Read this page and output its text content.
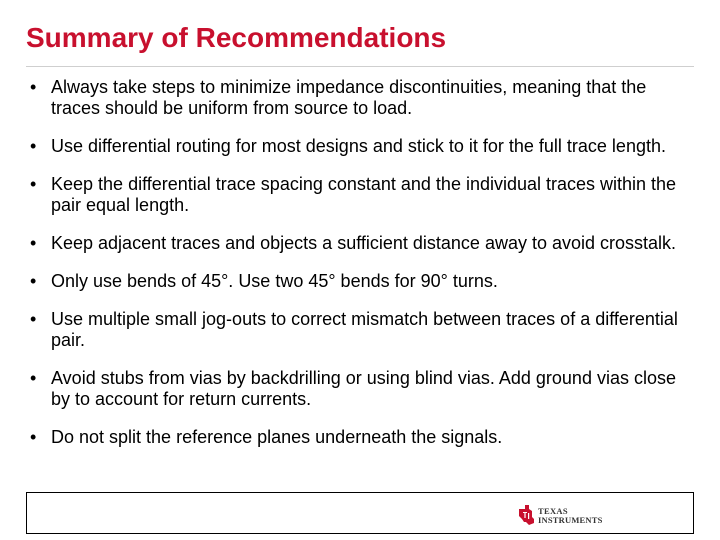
Summary of Recommendations
• Always take steps to minimize impedance discontinuities, meaning that the traces should be uniform from source to load.
• Use differential routing for most designs and stick to it for the full trace length.
• Keep the differential trace spacing constant and the individual traces within the pair equal length.
• Keep adjacent traces and objects a sufficient distance away to avoid crosstalk.
• Only use bends of 45°. Use two 45° bends for 90° turns.
• Use multiple small jog-outs to correct mismatch between traces of a differential pair.
• Avoid stubs from vias by backdrilling or using blind vias. Add ground vias close by to account for return currents.
• Do not split the reference planes underneath the signals.
TEXAS
INSTRUMENTS
